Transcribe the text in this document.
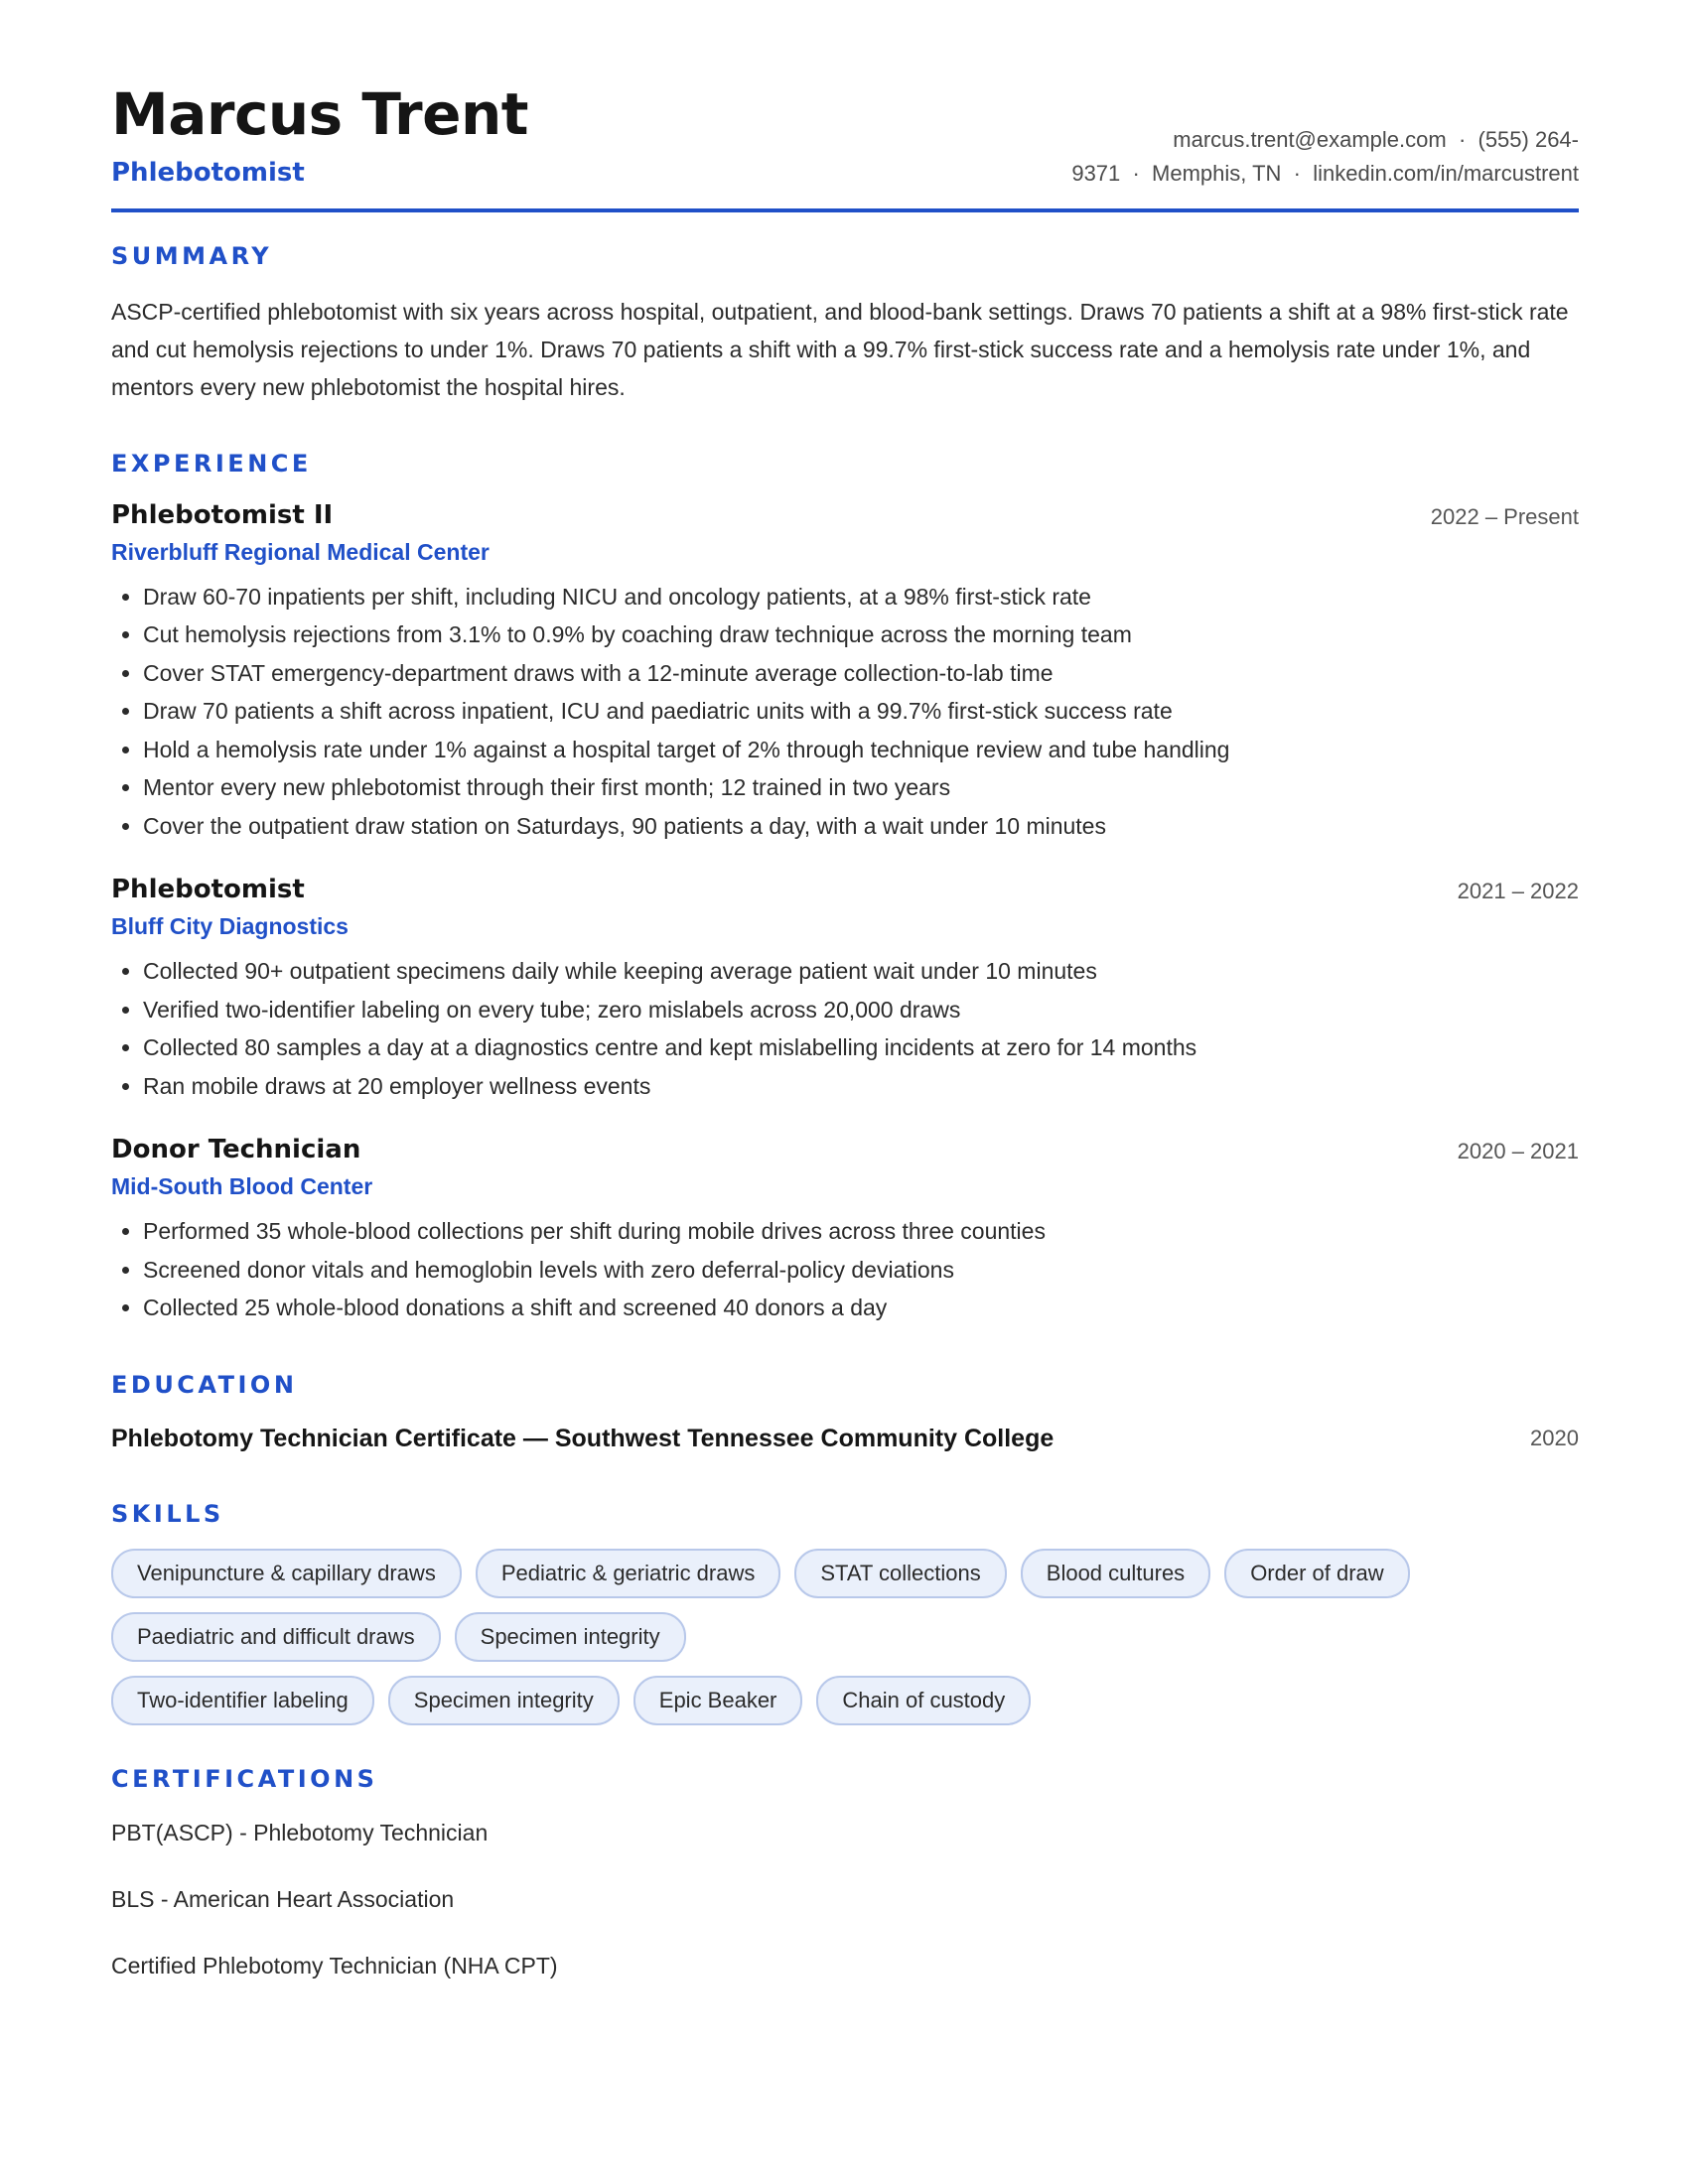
Marcus Trent
Phlebotomist
marcus.trent@example.com  ·  (555) 264-
9371  ·  Memphis, TN  ·  linkedin.com/in/marcustrent
SUMMARY

ASCP-certified phlebotomist with six years across hospital, outpatient, and blood-bank settings. Draws 70 patients a shift at a 98% first-stick rate and cut hemolysis rejections to under 1%. Draws 70 patients a shift with a 99.7% first-stick success rate and a hemolysis rate under 1%, and mentors every new phlebotomist the hospital hires.

EXPERIENCE
Phlebotomist II	2022 – Present
Riverbluff Regional Medical Center
• Draw 60-70 inpatients per shift, including NICU and oncology patients, at a 98% first-stick rate
• Cut hemolysis rejections from 3.1% to 0.9% by coaching draw technique across the morning team
• Cover STAT emergency-department draws with a 12-minute average collection-to-lab time
• Draw 70 patients a shift across inpatient, ICU and paediatric units with a 99.7% first-stick success rate
• Hold a hemolysis rate under 1% against a hospital target of 2% through technique review and tube handling
• Mentor every new phlebotomist through their first month; 12 trained in two years
• Cover the outpatient draw station on Saturdays, 90 patients a day, with a wait under 10 minutes
Phlebotomist	2021 – 2022
Bluff City Diagnostics
• Collected 90+ outpatient specimens daily while keeping average patient wait under 10 minutes
• Verified two-identifier labeling on every tube; zero mislabels across 20,000 draws
• Collected 80 samples a day at a diagnostics centre and kept mislabelling incidents at zero for 14 months
• Ran mobile draws at 20 employer wellness events
Donor Technician	2020 – 2021
Mid-South Blood Center
• Performed 35 whole-blood collections per shift during mobile drives across three counties
• Screened donor vitals and hemoglobin levels with zero deferral-policy deviations
• Collected 25 whole-blood donations a shift and screened 40 donors a day
EDUCATION
Phlebotomy Technician Certificate — Southwest Tennessee Community College	2020
SKILLS
Venipuncture & capillary draws	Pediatric & geriatric draws	STAT collections	Blood cultures	Order of draw
Paediatric and difficult draws	Specimen integrity
Two-identifier labeling	Specimen integrity	Epic Beaker	Chain of custody
CERTIFICATIONS
PBT(ASCP) - Phlebotomy Technician
BLS - American Heart Association
Certified Phlebotomy Technician (NHA CPT)
